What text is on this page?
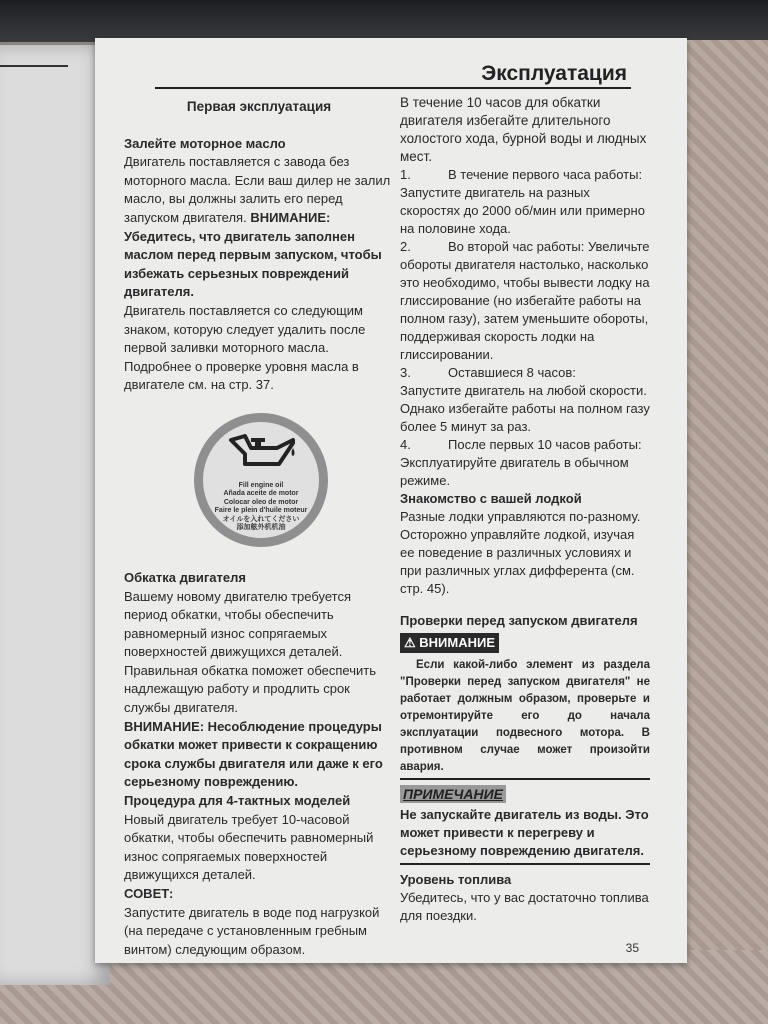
Эксплуатация
Первая эксплуатация

Залейте моторное масло

Двигатель поставляется с завода без моторного масла. Если ваш дилер не залил масло, вы должны залить его перед запуском двигателя. ВНИМАНИЕ: Убедитесь, что двигатель заполнен маслом перед первым запуском, чтобы избежать серьезных повреждений двигателя.

Двигатель поставляется со следующим знаком, которую следует удалить после первой заливки моторного масла. Подробнее о проверке уровня масла в двигателе см. на стр. 37.

Fill engine oil
Añada aceite de motor
Colocar oleo de motor
Faire le plein d'huile moteur
オイルを入れてください
添加舷外机机油

Обкатка двигателя

Вашему новому двигателю требуется период обкатки, чтобы обеспечить равномерный износ сопрягаемых поверхностей движущихся деталей. Правильная обкатка поможет обеспечить надлежащую работу и продлить срок службы двигателя.

ВНИМАНИЕ: Несоблюдение процедуры обкатки может привести к сокращению срока службы двигателя или даже к его серьезному повреждению.

Процедура для 4-тактных моделей

Новый двигатель требует 10-часовой обкатки, чтобы обеспечить равномерный износ сопрягаемых поверхностей движущихся деталей.

СОВЕТ:

Запустите двигатель в воде под нагрузкой (на передаче с установленным гребным винтом) следующим образом.

В течение 10 часов для обкатки двигателя избегайте длительного холостого хода, бурной воды и людных мест.

1.	В течение первого часа работы:

Запустите двигатель на разных скоростях до 2000 об/мин или примерно на половине хода.

2.	Во второй час работы: Увеличьте

обороты двигателя настолько, насколько это необходимо, чтобы вывести лодку на глиссирование (но избегайте работы на полном газу), затем уменьшите обороты, поддерживая скорость лодки на глиссировании.

3.	Оставшиеся 8 часов:

Запустите двигатель на любой скорости. Однако избегайте работы на полном газу более 5 минут за раз.

4.	После первых 10 часов работы:

Эксплуатируйте двигатель в обычном режиме.

Знакомство с вашей лодкой

Разные лодки управляются по-разному. Осторожно управляйте лодкой, изучая ее поведение в различных условиях и при различных углах дифферента (см. стр. 45).

Проверки перед запуском двигателя

⚠ ВНИМАНИЕ

Если какой-либо элемент из раздела "Проверки перед запуском двигателя" не работает должным образом, проверьте и отремонтируйте его до начала эксплуатации подвесного мотора. В противном случае может произойти авария.

ПРИМЕЧАНИЕ

Не запускайте двигатель из воды. Это может привести к перегреву и серьезному повреждению двигателя.

Уровень топлива

Убедитесь, что у вас достаточно топлива для поездки.

35
